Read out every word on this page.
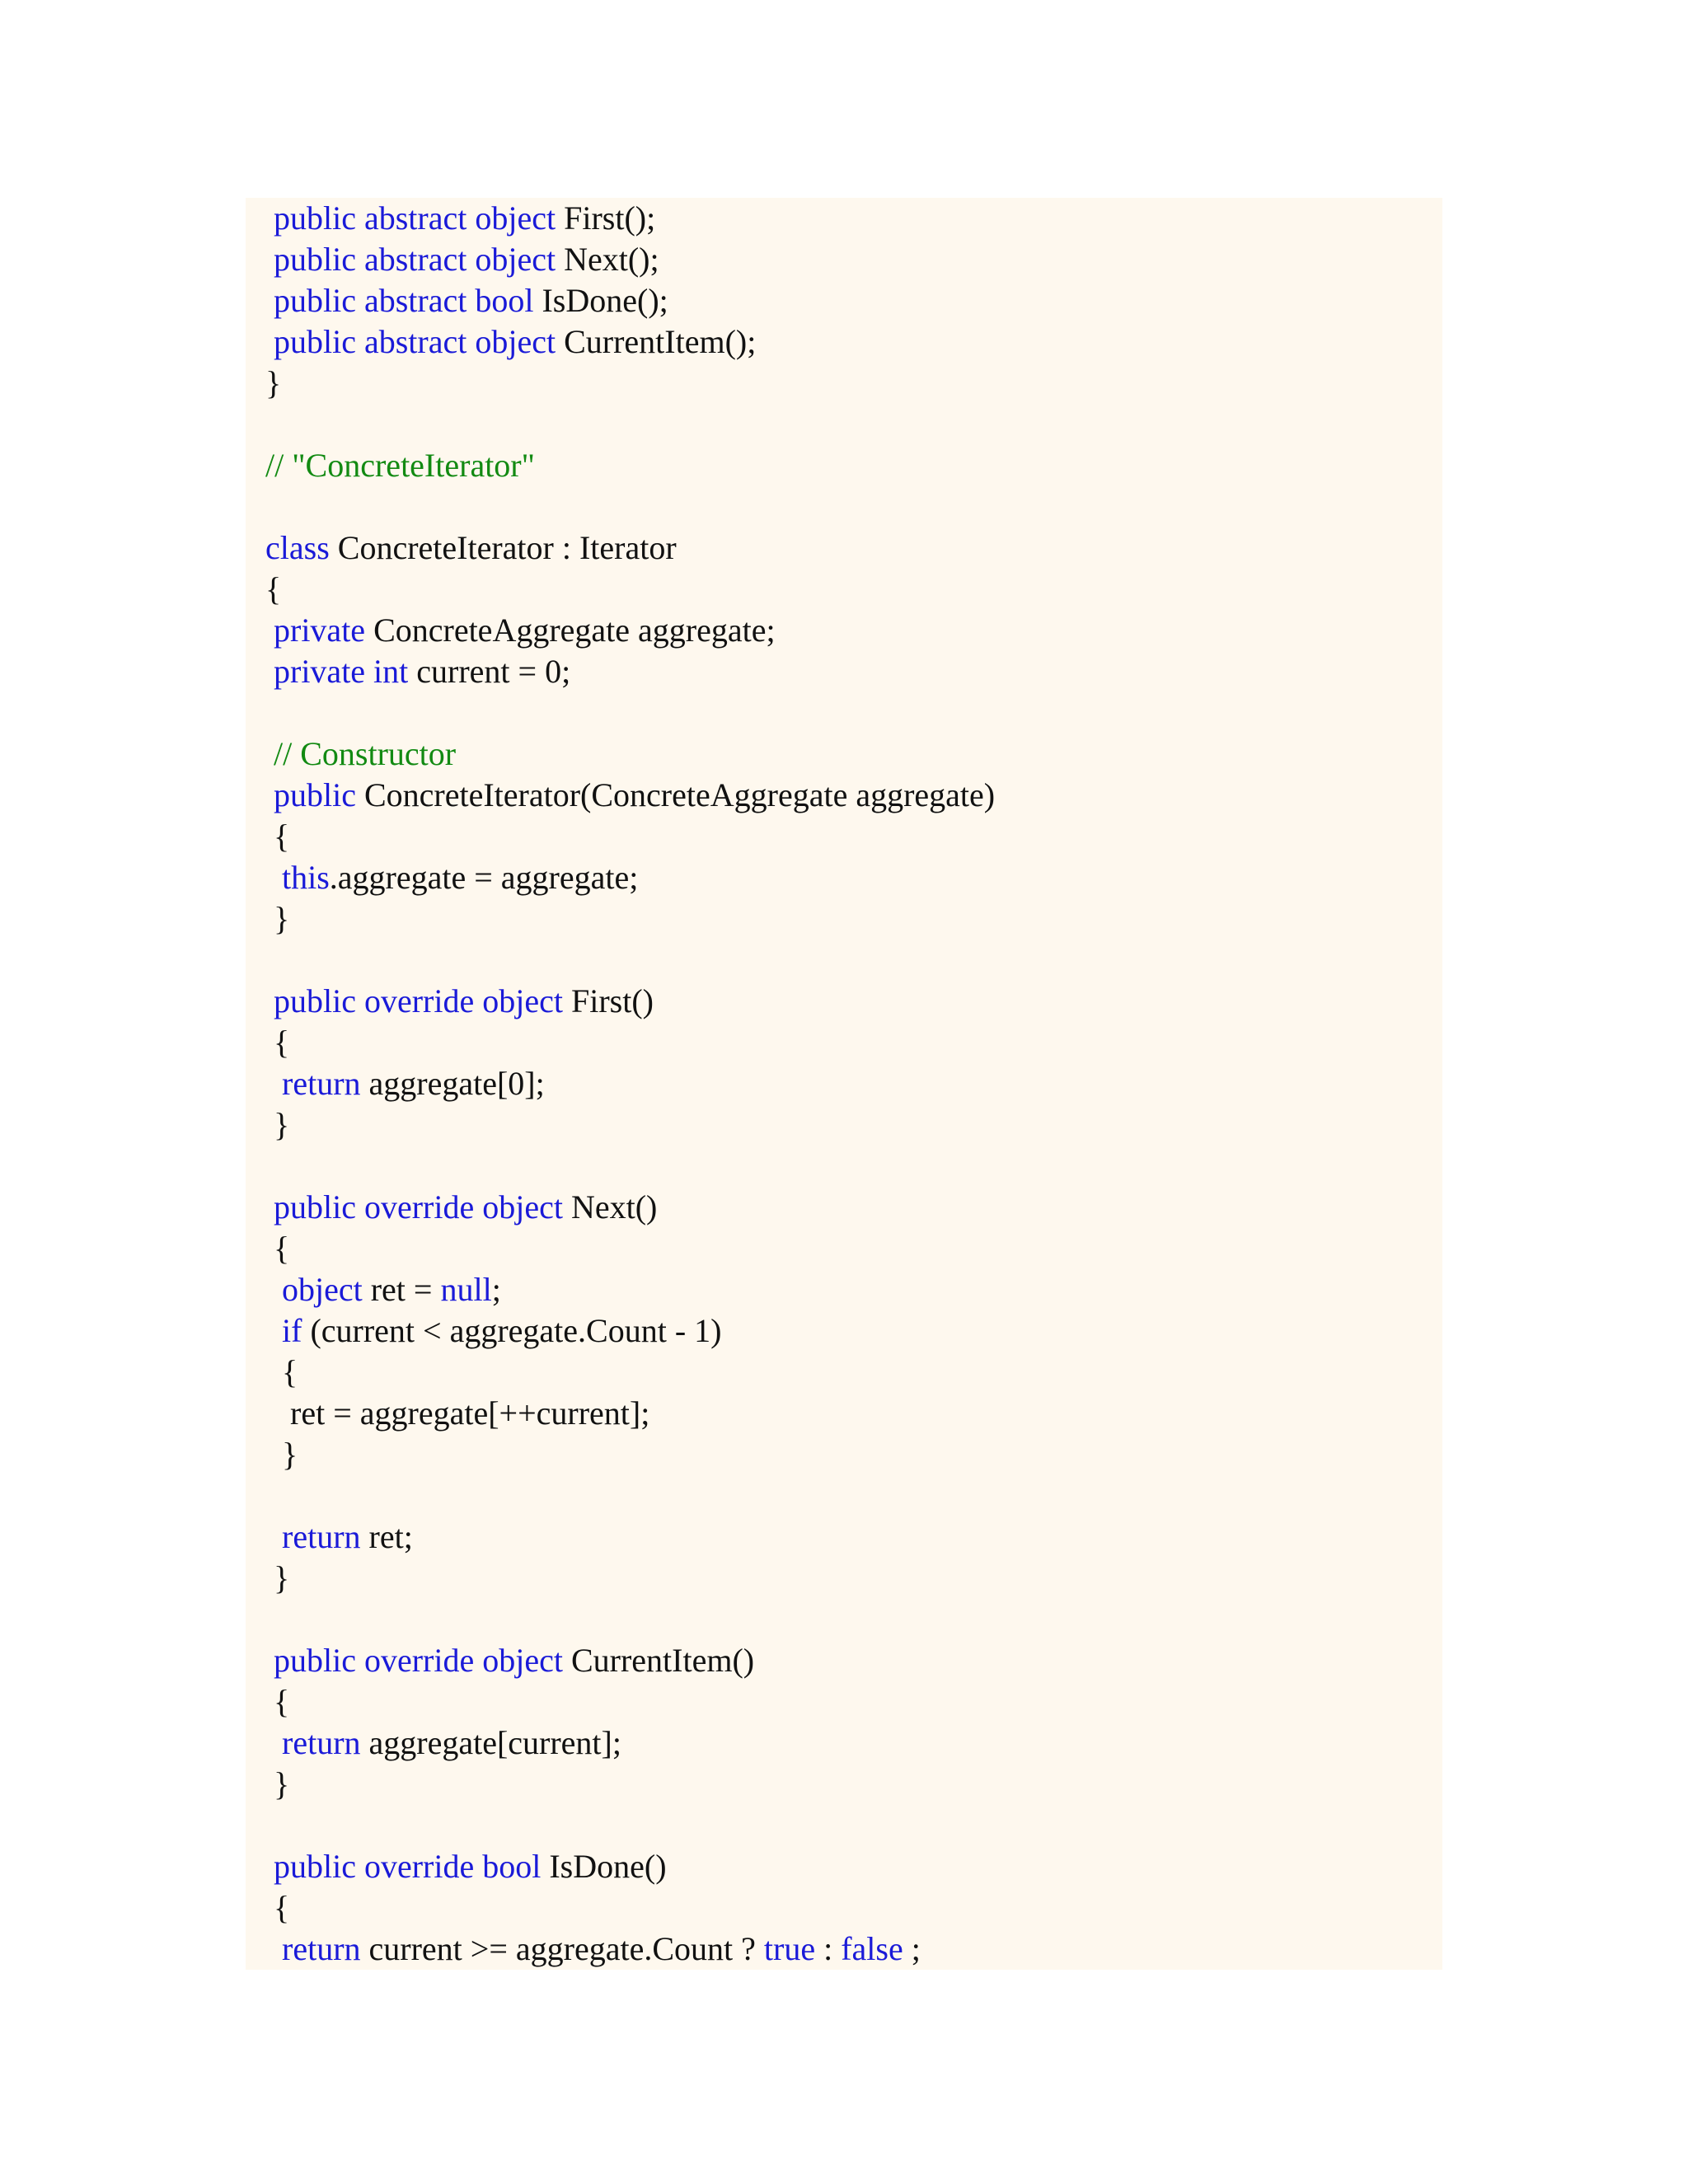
public abstract object First();
public abstract object Next();
public abstract bool IsDone();
public abstract object CurrentItem();
}
// "ConcreteIterator"
class ConcreteIterator : Iterator
{
private ConcreteAggregate aggregate;
private int current = 0;
// Constructor
public ConcreteIterator(ConcreteAggregate aggregate)
{
this.aggregate = aggregate;
}
public override object First()
{
return aggregate[0];
}
public override object Next()
{
object ret = null;
if (current < aggregate.Count - 1)
{
ret = aggregate[++current];
}
return ret;
}
public override object CurrentItem()
{
return aggregate[current];
}
public override bool IsDone()
{
return current >= aggregate.Count ? true : false ;
